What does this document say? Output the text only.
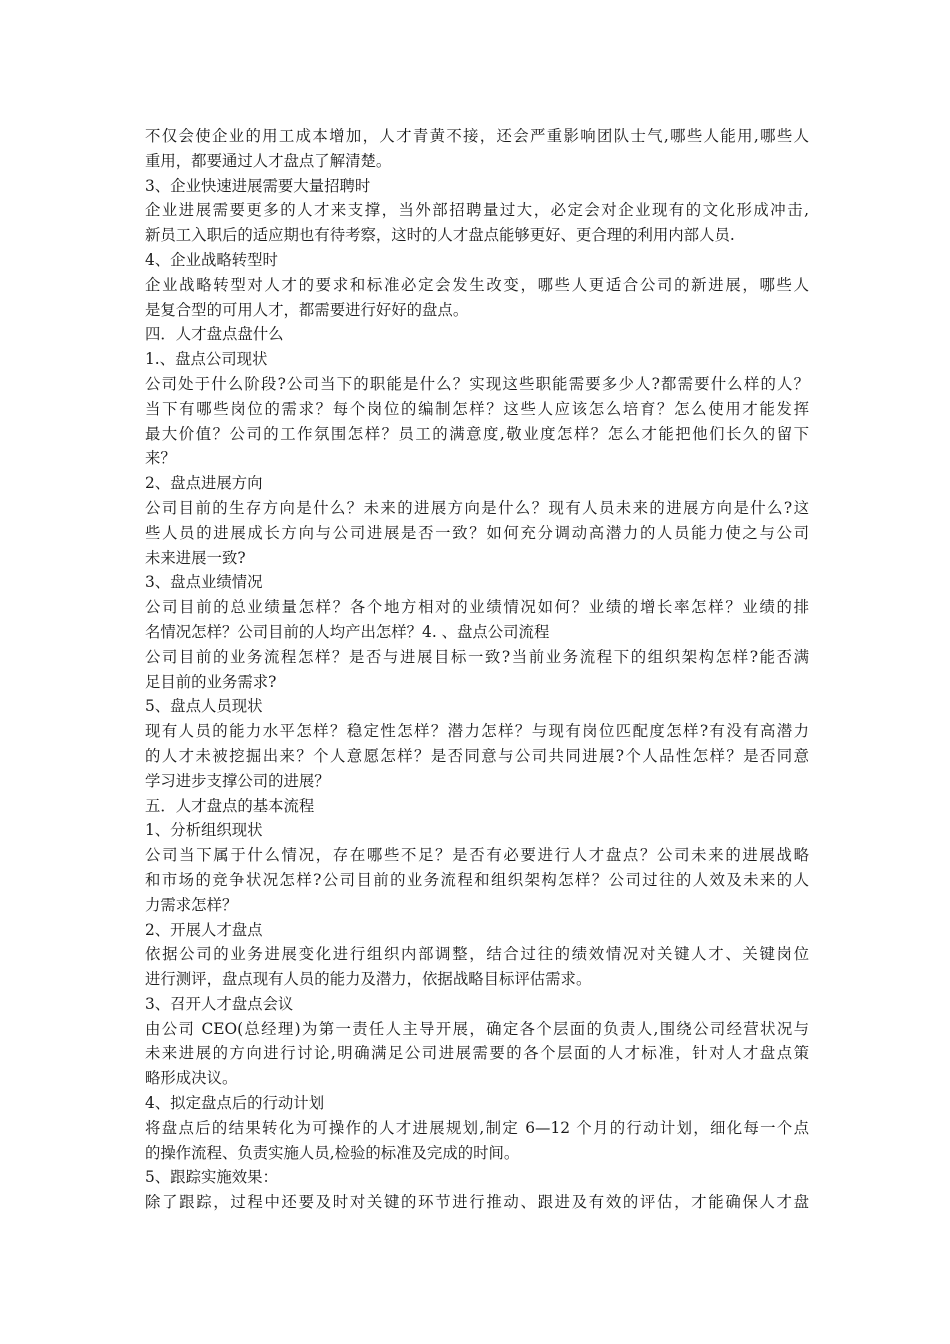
不仅会使企业的用工成本增加，人才青黄不接，还会严重影响团队士气,哪些人能用,哪些人
重用，都要通过人才盘点了解清楚。
3、企业快速进展需要大量招聘时
企业进展需要更多的人才来支撑，当外部招聘量过大，必定会对企业现有的文化形成冲击,
新员工入职后的适应期也有待考察，这时的人才盘点能够更好、更合理的利用内部人员.
4、企业战略转型时
企业战略转型对人才的要求和标准必定会发生改变，哪些人更适合公司的新进展，哪些人
是复合型的可用人才，都需要进行好好的盘点。
四．人才盘点盘什么
1.、盘点公司现状
公司处于什么阶段?公司当下的职能是什么？实现这些职能需要多少人?都需要什么样的人？
当下有哪些岗位的需求？每个岗位的编制怎样？这些人应该怎么培育？怎么使用才能发挥
最大价值？公司的工作氛围怎样？员工的满意度,敬业度怎样？怎么才能把他们长久的留下
来？
2、盘点进展方向
公司目前的生存方向是什么？未来的进展方向是什么？现有人员未来的进展方向是什么?这
些人员的进展成长方向与公司进展是否一致？如何充分调动高潜力的人员能力使之与公司
未来进展一致?
3、盘点业绩情况
公司目前的总业绩量怎样？各个地方相对的业绩情况如何？业绩的增长率怎样？业绩的排
名情况怎样？公司目前的人均产出怎样？4. 、盘点公司流程
公司目前的业务流程怎样？是否与进展目标一致?当前业务流程下的组织架构怎样?能否满
足目前的业务需求?
5、盘点人员现状
现有人员的能力水平怎样？稳定性怎样？潜力怎样？与现有岗位匹配度怎样?有没有高潜力
的人才未被挖掘出来？个人意愿怎样？是否同意与公司共同进展?个人品性怎样？是否同意
学习进步支撑公司的进展？
五．人才盘点的基本流程
1、分析组织现状
公司当下属于什么情况，存在哪些不足？是否有必要进行人才盘点？公司未来的进展战略
和市场的竞争状况怎样?公司目前的业务流程和组织架构怎样？公司过往的人效及未来的人
力需求怎样？
2、开展人才盘点
依据公司的业务进展变化进行组织内部调整，结合过往的绩效情况对关键人才、关键岗位
进行测评，盘点现有人员的能力及潜力，依据战略目标评估需求。
3、召开人才盘点会议
由公司 CEO(总经理)为第一责任人主导开展，确定各个层面的负责人,围绕公司经营状况与
未来进展的方向进行讨论,明确满足公司进展需要的各个层面的人才标准，针对人才盘点策
略形成决议。
4、拟定盘点后的行动计划
将盘点后的结果转化为可操作的人才进展规划,制定 6—12 个月的行动计划，细化每一个点
的操作流程、负责实施人员,检验的标准及完成的时间。
5、跟踪实施效果：
除了跟踪，过程中还要及时对关键的环节进行推动、跟进及有效的评估，才能确保人才盘
